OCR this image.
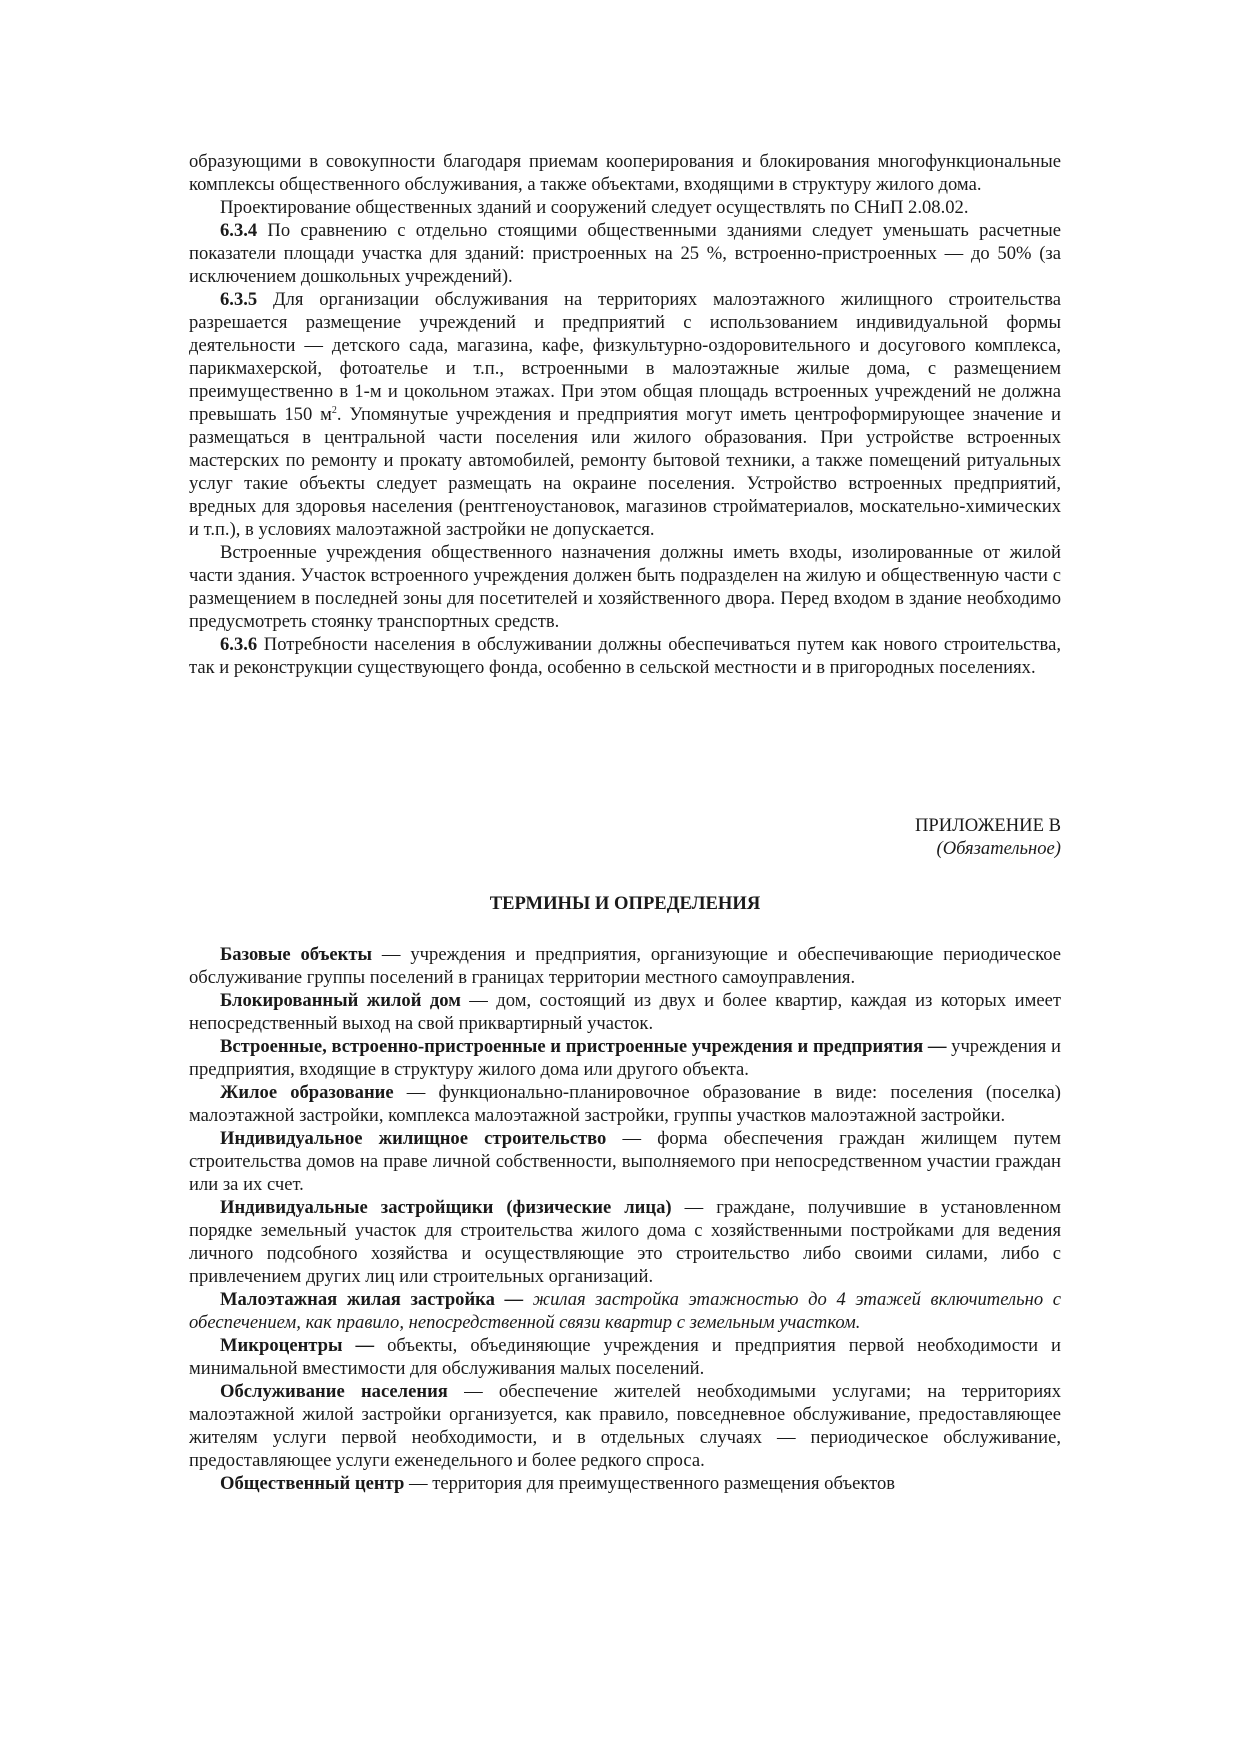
образующими в совокупности благодаря приемам кооперирования и блокирования многофункциональные комплексы общественного обслуживания, а также объектами, входящими в структуру жилого дома.

Проектирование общественных зданий и сооружений следует осуществлять по СНиП 2.08.02.

6.3.4 По сравнению с отдельно стоящими общественными зданиями следует уменьшать расчетные показатели площади участка для зданий: пристроенных на 25 %, встроенно-пристроенных — до 50% (за исключением дошкольных учреждений).

6.3.5 Для организации обслуживания на территориях малоэтажного жилищного строительства разрешается размещение учреждений и предприятий с использованием индивидуальной формы деятельности — детского сада, магазина, кафе, физкультурно-оздоровительного и досугового комплекса, парикмахерской, фотоателье и т.п., встроенными в малоэтажные жилые дома, с размещением преимущественно в 1-м и цокольном этажах. При этом общая площадь встроенных учреждений не должна превышать 150 $м^2$. Упомянутые учреждения и предприятия могут иметь центроформирующее значение и размещаться в центральной части поселения или жилого образования. При устройстве встроенных мастерских по ремонту и прокату автомобилей, ремонту бытовой техники, а также помещений ритуальных услуг такие объекты следует размещать на окраине поселения. Устройство встроенных предприятий, вредных для здоровья населения (рентгеноустановок, магазинов стройматериалов, москательно-химических и т.п.), в условиях малоэтажной застройки не допускается.

Встроенные учреждения общественного назначения должны иметь входы, изолированные от жилой части здания. Участок встроенного учреждения должен быть подразделен на жилую и общественную части с размещением в последней зоны для посетителей и хозяйственного двора. Перед входом в здание необходимо предусмотреть стоянку транспортных средств.

6.3.6 Потребности населения в обслуживании должны обеспечиваться путем как нового строительства, так и реконструкции существующего фонда, особенно в сельской местности и в пригородных поселениях.

ПРИЛОЖЕНИЕ В

(Обязательное)

ТЕРМИНЫ И ОПРЕДЕЛЕНИЯ

Базовые объекты — учреждения и предприятия, организующие и обеспечивающие периодическое обслуживание группы поселений в границах территории местного самоуправления.

Блокированный жилой дом — дом, состоящий из двух и более квартир, каждая из которых имеет непосредственный выход на свой приквартирный участок.

Встроенные, встроенно-пристроенные и пристроенные учреждения и предприятия — учреждения и предприятия, входящие в структуру жилого дома или другого объекта.

Жилое образование — функционально-планировочное образование в виде: поселения (поселка) малоэтажной застройки, комплекса малоэтажной застройки, группы участков малоэтажной застройки.

Индивидуальное жилищное строительство — форма обеспечения граждан жилищем путем строительства домов на праве личной собственности, выполняемого при непосредственном участии граждан или за их счет.

Индивидуальные застройщики (физические лица) — граждане, получившие в установленном порядке земельный участок для строительства жилого дома с хозяйственными постройками для ведения личного подсобного хозяйства и осуществляющие это строительство либо своими силами, либо с привлечением других лиц или строительных организаций.

Малоэтажная жилая застройка — жилая застройка этажностью до 4 этажей включительно с обеспечением, как правило, непосредственной связи квартир с земельным участком.

Микроцентры — объекты, объединяющие учреждения и предприятия первой необходимости и минимальной вместимости для обслуживания малых поселений.

Обслуживание населения — обеспечение жителей необходимыми услугами; на территориях малоэтажной жилой застройки организуется, как правило, повседневное обслуживание, предоставляющее жителям услуги первой необходимости, и в отдельных случаях — периодическое обслуживание, предоставляющее услуги еженедельного и более редкого спроса.

Общественный центр — территория для преимущественного размещения объектов
